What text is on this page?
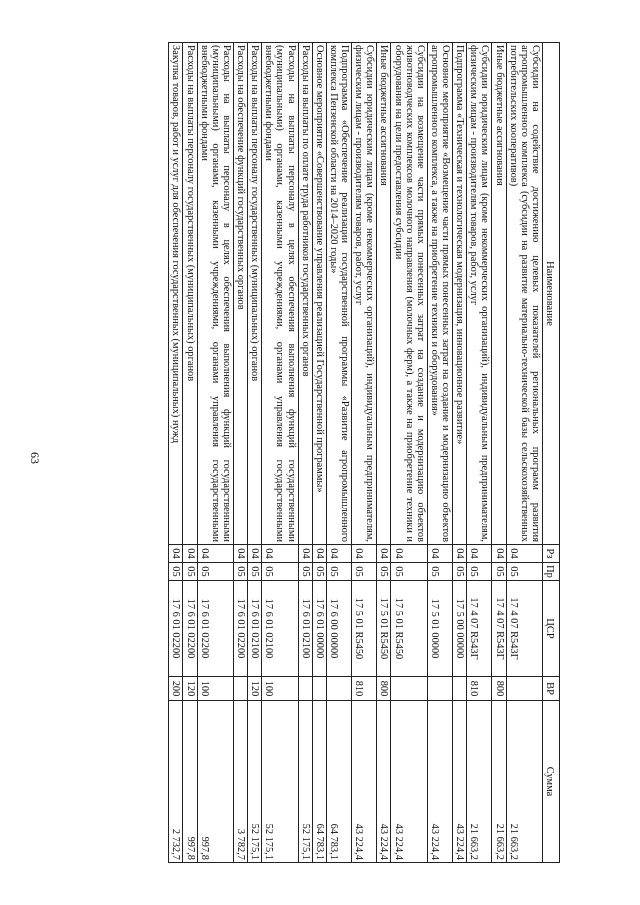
63
Наименование	Рз	Пр	ЦСР	ВР	Сумма
Субсидии на содействие достижению целевых показателей региональных программ развития агропромышленного комплекса (субсидии на развитие материально-технической базы сельскохозяйственных потребительских кооперативов)	04	05	17 4 07 R543Г		21 663,2
Иные бюджетные ассигнования	04	05	17 4 07 R543Г	800	21 663,2
Субсидии юридическим лицам (кроме некоммерческих организаций), индивидуальным предпринимателям, физическим лицам - производителям товаров, работ, услуг	04	05	17 4 07 R543Г	810	21 663,2
Подпрограмма «Техническая и технологическая модернизация, инновационное развитие»	04	05	17 5 00 00000		43 224,4
Основное мероприятие «Возмещение части прямых понесенных затрат на создание и модернизацию объектов агропромышленного комплекса, а также на приобретение техники и оборудования»	04	05	17 5 01 00000		43 224,4
Субсидии на возмещение части прямых понесенных затрат на создание и модернизацию объектов животноводческих комплексов молочного направления (молочных ферм), а также на приобретение техники и оборудования на цели предоставления субсидии	04	05	17 5 01 R5450		43 224,4
Иные бюджетные ассигнования	04	05	17 5 01 R5450	800	43 224,4
Субсидии юридическим лицам (кроме некоммерческих организаций), индивидуальным предпринимателям, физическим лицам - производителям товаров, работ, услуг	04	05	17 5 01 R5450	810	43 224,4
Подпрограмма «Обеспечение реализации государственной программы «Развитие агропромышленного комплекса Пензенской области на 2014–2020 годы»	04	05	17 6 00 00000		64 783,1
Основное мероприятие «Совершенствование управления реализацией Государственной программы»	04	05	17 6 01 00000		64 783,1
Расходы на выплаты по оплате труда работников государственных органов	04	05	17 6 01 02100		52 175,1
Расходы на выплаты персоналу в целях обеспечения выполнения функций государственными (муниципальными) органами, казенными учреждениями, органами управления государственными внебюджетными фондами	04	05	17 6 01 02100	100	52 175,1
Расходы на выплаты персоналу государственных (муниципальных) органов	04	05	17 6 01 02100	120	52 175,1
Расходы на обеспечение функций государственных органов	04	05	17 6 01 02200		3 782,7
Расходы на выплаты персоналу в целях обеспечения выполнения функций государственными (муниципальными) органами, казенными учреждениями, органами управления государственными внебюджетными фондами	04	05	17 6 01 02200	100	997,8
Расходы на выплаты персоналу государственных (муниципальных) органов	04	05	17 6 01 02200	120	997,8
Закупка товаров, работ и услуг для обеспечения государственных (муниципальных) нужд	04	05	17 6 01 02200	200	2 732,7
